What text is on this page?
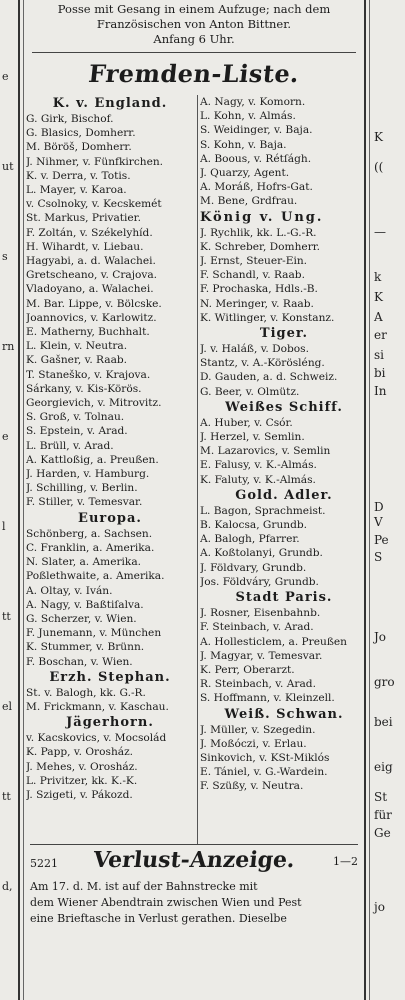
e
ut
s
rn
e
l
tt
el
tt
d,
Posse mit Gesang in einem Aufzuge; nach dem
Französischen von Anton Bittner.
Anfang 6 Uhr.
Fremden-Liste.
K. v. England.
G. Girk, Bischof.
G. Blasics, Domherr.
M. Böröš, Domherr.
J. Nihmer, v. Fünfkirchen.
K. v. Derra, v. Totis.
L. Mayer, v. Karoa.
v. Csolnoky, v. Kecskemét
St. Markus, Privatier.
F. Zoltán, v. Székelyhíd.
H. Wihardt, v. Liebau.
Hagyabi, a. d. Walachei.
Gretscheano, v. Crajova.
Vladoyano, a. Walachei.
M. Bar. Lippe, v. Bölcske.
Joannovics, v. Karlowitz.
E. Matherny, Buchhalt.
L. Klein, v. Neutra.
K. Gašner, v. Raab.
T. Staneško, v. Krajova.
Sárkany, v. Kis-Körös.
Georgievich, v. Mitrovitz.
S. Groß, v. Tolnau.
S. Epstein, v. Arad.
L. Brüll, v. Arad.
A. Kattloßig, a. Preußen.
J. Harden, v. Hamburg.
J. Schilling, v. Berlin.
F. Stiller, v. Temesvar.
Europa.
Schönberg, a. Sachsen.
C. Franklin, a. Amerika.
N. Slater, a. Amerika.
Poßlethwaite, a. Amerika.
A. Oltay, v. Iván.
A. Nagy, v. Baßtiſalva.
G. Scherzer, v. Wien.
F. Junemann, v. München
K. Stummer, v. Brünn.
F. Boschan, v. Wien.
Erzh. Stephan.
St. v. Balogh, kk. G.-R.
M. Frickmann, v. Kaschau.
Jägerhorn.
v. Kacskovics, v. Mocsolád
K. Papp, v. Orosház.
J. Mehes, v. Orosház.
L. Privitzer, kk. K.-K.
J. Szigeti, v. Pákozd.
A. Nagy, v. Komorn.
L. Kohn, v. Almás.
S. Weidinger, v. Baja.
S. Kohn, v. Baja.
A. Boous, v. Rétſágh.
J. Quarzy, Agent.
A. Moráß, Hofrs-Gat.
M. Bene, Grdfrau.
König v. Ung.
J. Rychlik, kk. L.-G.-R.
K. Schreber, Domherr.
J. Ernst, Steuer-Ein.
F. Schandl, v. Raab.
F. Prochaska, Hdls.-B.
N. Meringer, v. Raab.
K. Witlinger, v. Konstanz.
Tiger.
J. v. Haláß, v. Dobos.
Stantz, v. A.-Körösléng.
D. Gauden, a. d. Schweiz.
G. Beer, v. Olmütz.
Weißes Schiff.
A. Huber, v. Csór.
J. Herzel, v. Semlin.
M. Lazarovics, v. Semlin
E. Falusy, v. K.-Almás.
K. Faluty, v. K.-Almás.
Gold. Adler.
L. Bagon, Sprachmeist.
B. Kalocsa, Grundb.
A. Balogh, Pfarrer.
A. Koßtolanyi, Grundb.
J. Földvary, Grundb.
Jos. Földváry, Grundb.
Stadt Paris.
J. Rosner, Eisenbahnb.
F. Steinbach, v. Arad.
A. Hollesticlem, a. Preußen
J. Magyar, v. Temesvar.
K. Perr, Oberarzt.
R. Steinbach, v. Arad.
S. Hoffmann, v. Kleinzell.
Weiß. Schwan.
J. Müller, v. Szegedin.
J. Moßóczi, v. Erlau.
Sinkovich, v. KSt-Miklós
E. Tániel, v. G.-Wardein.
F. Szüßy, v. Neutra.
5221	Verlust-Anzeige.	1—2
Am 17. d. M. ist auf der Bahnstrecke mit
dem Wiener Abendtrain zwischen Wien und Pest
eine Brieftasche in Verlust gerathen. Dieselbe
K
((
—
k
K
A
er
si
bi
In
D
V
Pe
S
Jo
gro
bei
eig
St
für
Ge
jo
